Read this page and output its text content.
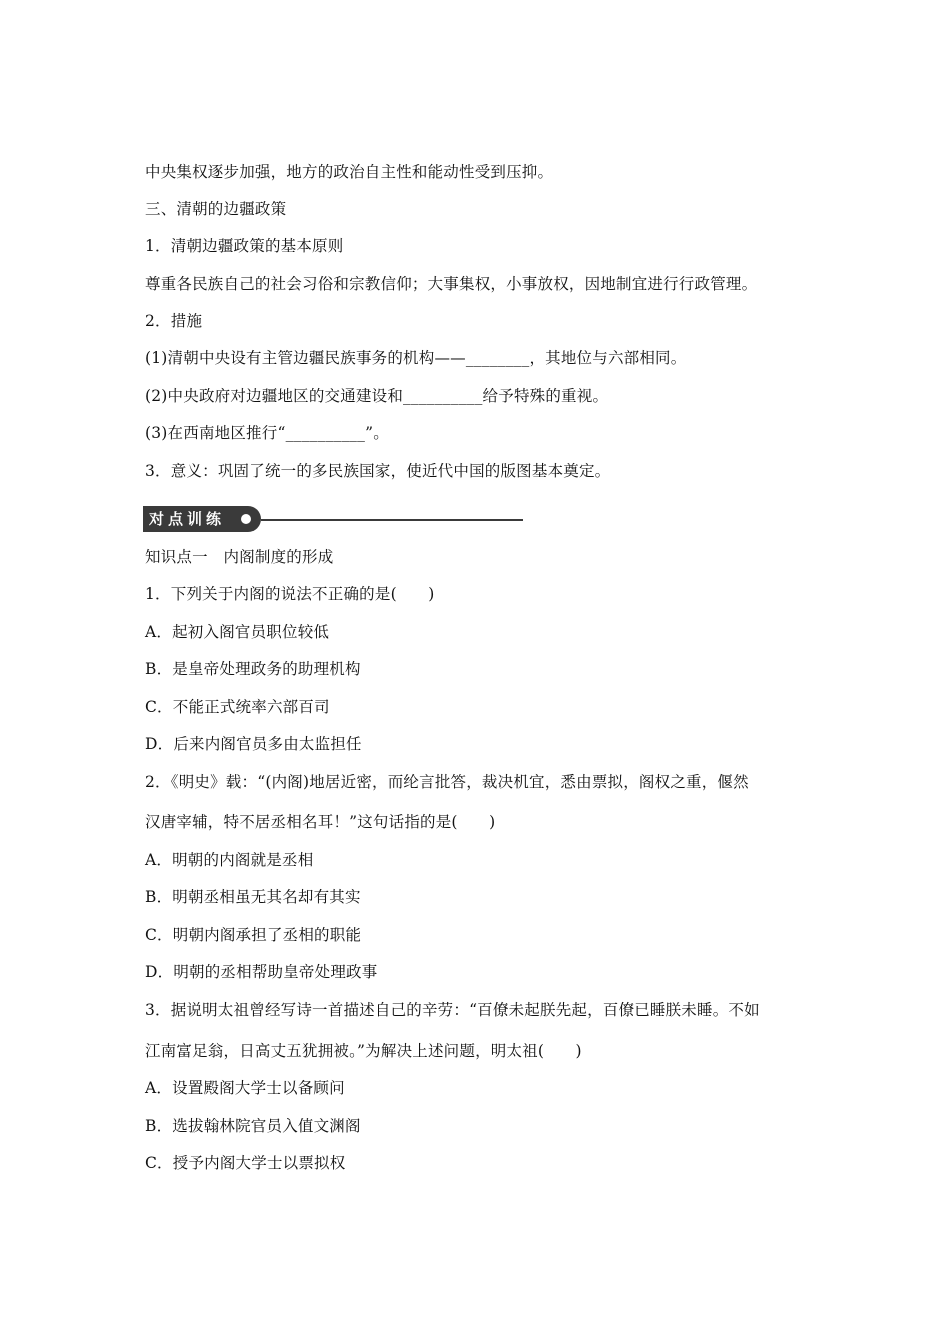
中央集权逐步加强，地方的政治自主性和能动性受到压抑。
三、清朝的边疆政策
1．清朝边疆政策的基本原则
尊重各民族自己的社会习俗和宗教信仰；大事集权，小事放权，因地制宜进行行政管理。
2．措施
(1)清朝中央设有主管边疆民族事务的机构——________，其地位与六部相同。
(2)中央政府对边疆地区的交通建设和__________给予特殊的重视。
(3)在西南地区推行“__________”。
3．意义：巩固了统一的多民族国家，使近代中国的版图基本奠定。
对点训练
知识点一　内阁制度的形成
1．下列关于内阁的说法不正确的是(　　)
A．起初入阁官员职位较低
B．是皇帝处理政务的助理机构
C．不能正式统率六部百司
D．后来内阁官员多由太监担任
2．《明史》载：“(内阁)地居近密，而纶言批答，裁决机宜，悉由票拟，阁权之重，偃然
汉唐宰辅，特不居丞相名耳！”这句话指的是(　　)
A．明朝的内阁就是丞相
B．明朝丞相虽无其名却有其实
C．明朝内阁承担了丞相的职能
D．明朝的丞相帮助皇帝处理政事
3．据说明太祖曾经写诗一首描述自己的辛劳：“百僚未起朕先起，百僚已睡朕未睡。不如
江南富足翁，日高丈五犹拥被。”为解决上述问题，明太祖(　　)
A．设置殿阁大学士以备顾问
B．选拔翰林院官员入值文渊阁
C．授予内阁大学士以票拟权
